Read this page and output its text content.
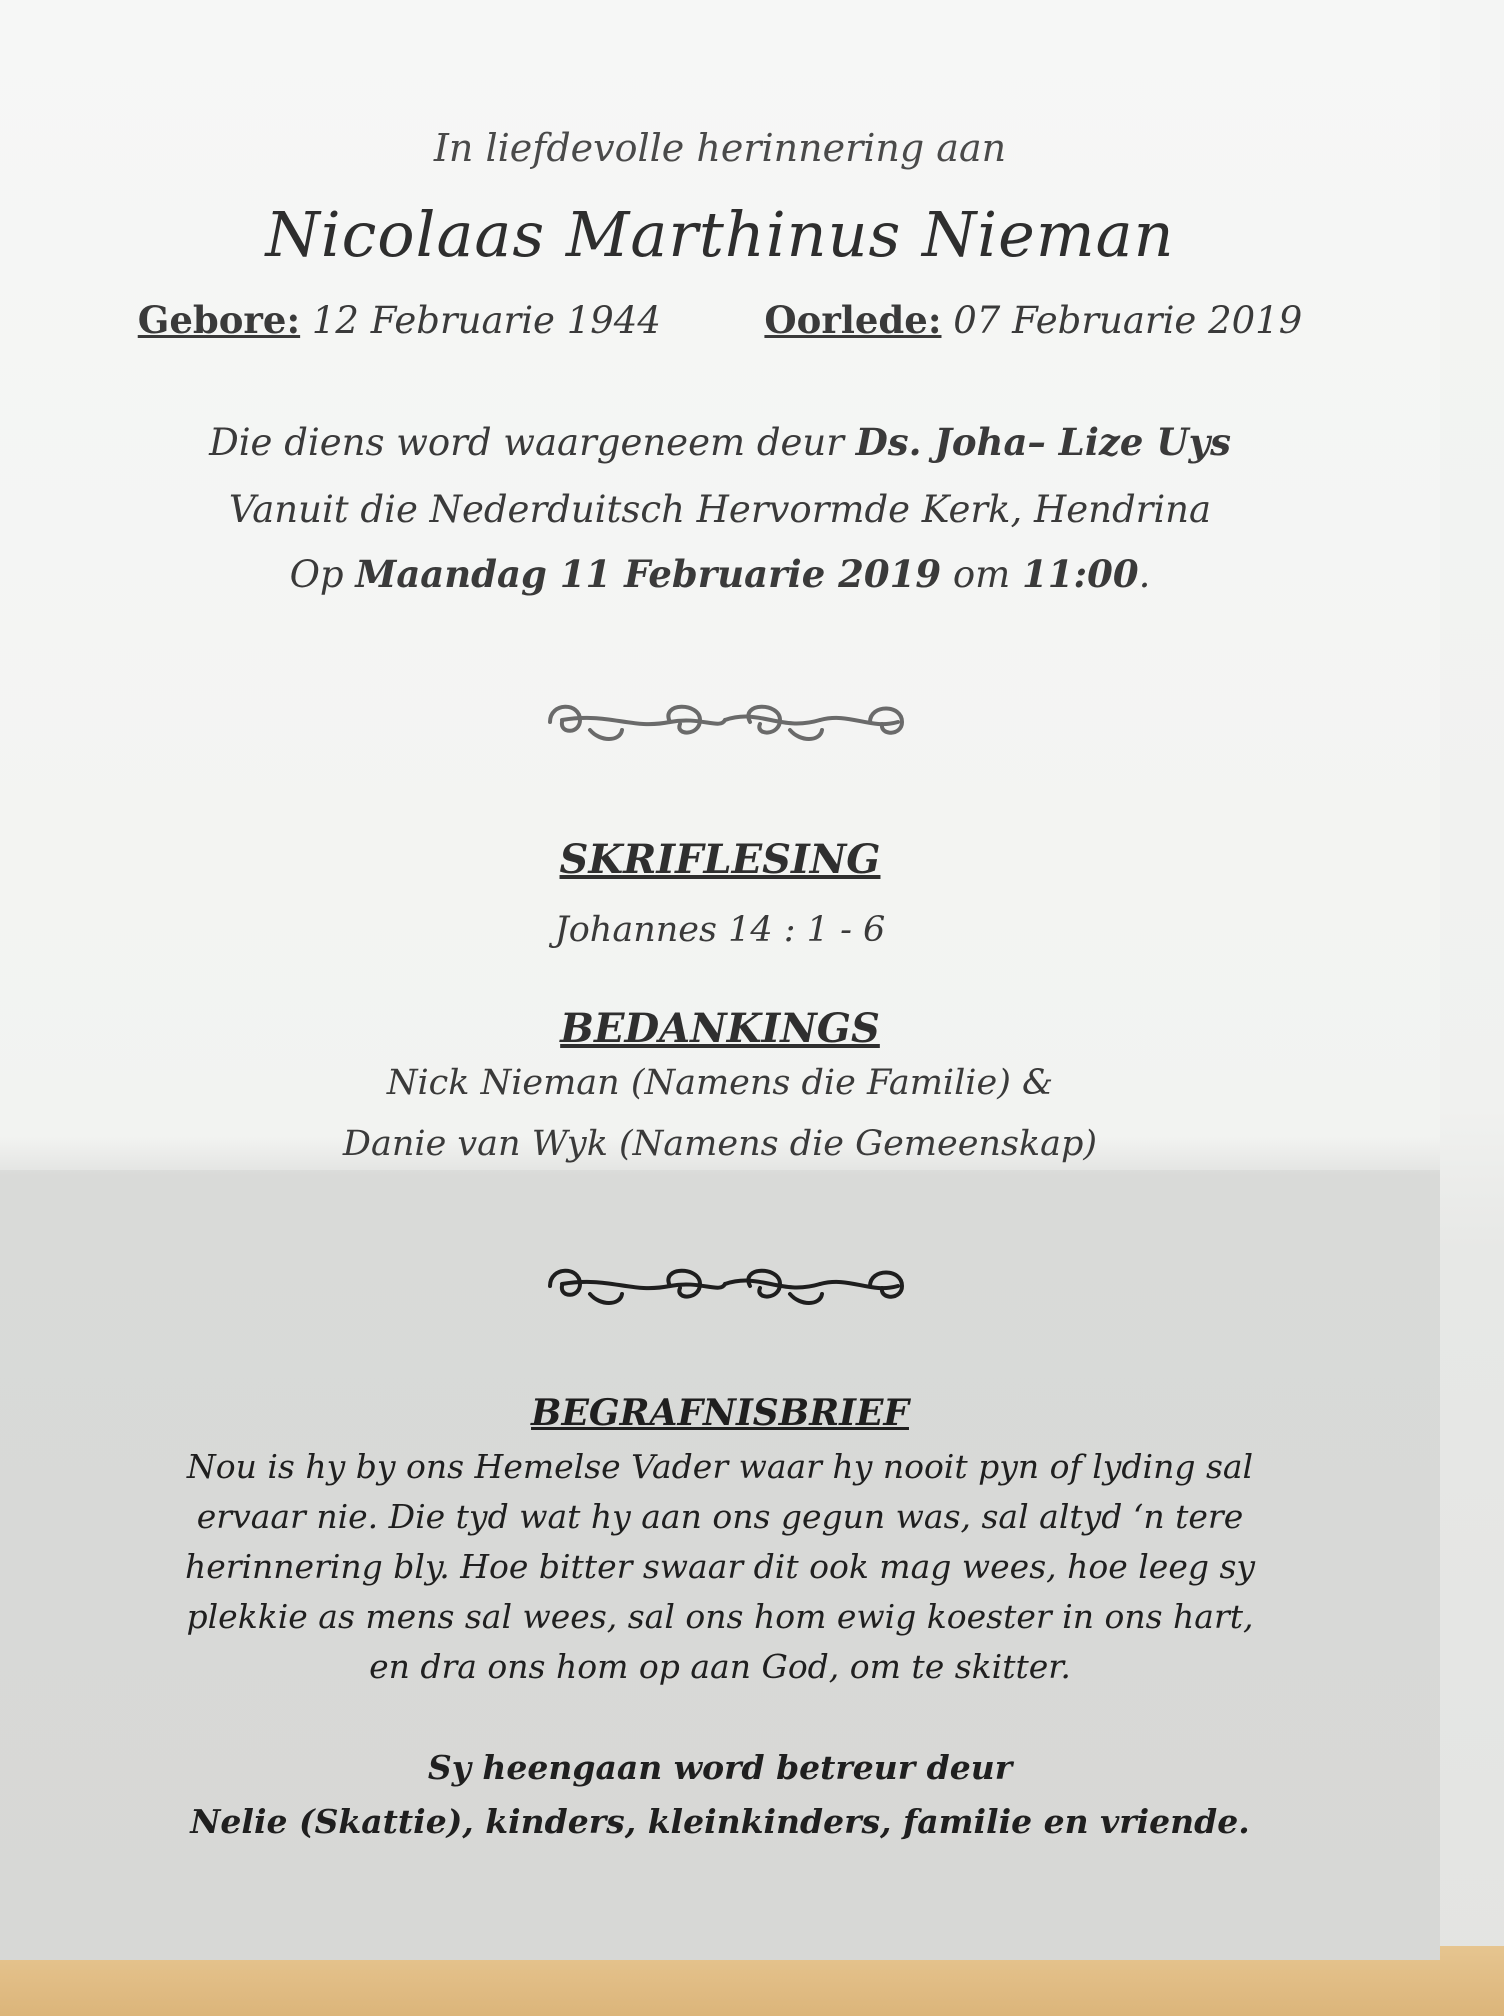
In liefdevolle herinnering aan
Nicolaas Marthinus Nieman
Gebore: 12 Februarie 1944	Oorlede: 07 Februarie 2019
Die diens word waargeneem deur Ds. Joha– Lize Uys
Vanuit die Nederduitsch Hervormde Kerk, Hendrina
Op Maandag 11 Februarie 2019 om 11:00.
SKRIFLESING
Johannes 14 : 1 - 6
BEDANKINGS
Nick Nieman (Namens die Familie) &
Danie van Wyk (Namens die Gemeenskap)
BEGRAFNISBRIEF
Nou is hy by ons Hemelse Vader waar hy nooit pyn of lyding sal ervaar nie. Die tyd wat hy aan ons gegun was, sal altyd ‘n tere herinnering bly. Hoe bitter swaar dit ook mag wees, hoe leeg sy plekkie as mens sal wees, sal ons hom ewig koester in ons hart, en dra ons hom op aan God, om te skitter.
Sy heengaan word betreur deur
Nelie (Skattie), kinders, kleinkinders, familie en vriende.
